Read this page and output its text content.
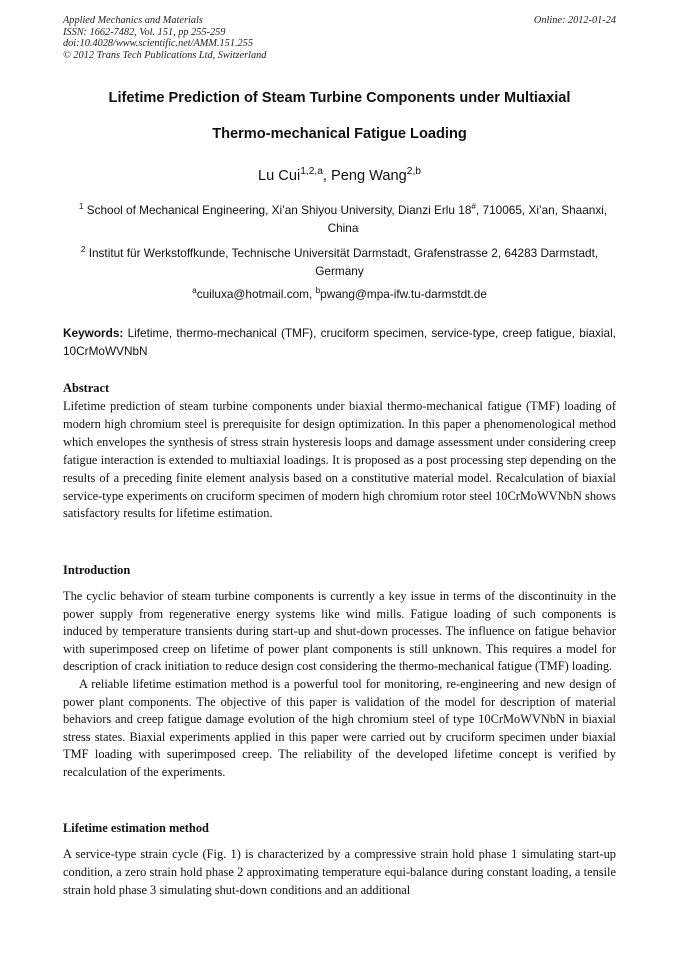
Applied Mechanics and Materials
ISSN: 1662-7482, Vol. 151, pp 255-259
doi:10.4028/www.scientific.net/AMM.151.255
© 2012 Trans Tech Publications Ltd, Switzerland
Online: 2012-01-24
Lifetime Prediction of Steam Turbine Components under Multiaxial
Thermo-mechanical Fatigue Loading
Lu Cui$^{1,2,a}$, Peng Wang$^{2,b}$
$^1$ School of Mechanical Engineering, Xi’an Shiyou University, Dianzi Erlu 18#, 710065, Xi’an, Shaanxi, China
$^2$ Institut für Werkstoffkunde, Technische Universität Darmstadt, Grafenstrasse 2, 64283 Darmstadt, Germany
$^a$cuiluxa@hotmail.com, $^b$pwang@mpa-ifw.tu-darmstdt.de
Keywords: Lifetime, thermo-mechanical (TMF), cruciform specimen, service-type, creep fatigue, biaxial, 10CrMoWVNbN
Abstract
Lifetime prediction of steam turbine components under biaxial thermo-mechanical fatigue (TMF) loading of modern high chromium steel is prerequisite for design optimization. In this paper a phenomenological method which envelopes the synthesis of stress strain hysteresis loops and damage assessment under considering creep fatigue interaction is extended to multiaxial loadings. It is proposed as a post processing step depending on the results of a preceding finite element analysis based on a constitutive material model. Recalculation of biaxial service-type experiments on cruciform specimen of modern high chromium rotor steel 10CrMoWVNbN shows satisfactory results for lifetime estimation.
Introduction

The cyclic behavior of steam turbine components is currently a key issue in terms of the discontinuity in the power supply from regenerative energy systems like wind mills. Fatigue loading of such components is induced by temperature transients during start-up and shut-down processes. The influence on fatigue behavior with superimposed creep on lifetime of power plant components is still unknown. This requires a model for description of crack initiation to reduce design cost considering the thermo-mechanical fatigue (TMF) loading.

A reliable lifetime estimation method is a powerful tool for monitoring, re-engineering and new design of power plant components. The objective of this paper is validation of the model for description of material behaviors and creep fatigue damage evolution of the high chromium steel of type 10CrMoWVNbN in biaxial stress states. Biaxial experiments applied in this paper were carried out by cruciform specimen under biaxial TMF loading with superimposed creep. The reliability of the developed lifetime concept is verified by recalculation of the experiments.

Lifetime estimation method
A service-type strain cycle (Fig. 1) is characterized by a compressive strain hold phase 1 simulating start-up condition, a zero strain hold phase 2 approximating temperature equi-balance during constant loading, a tensile strain hold phase 3 simulating shut-down conditions and an additional
